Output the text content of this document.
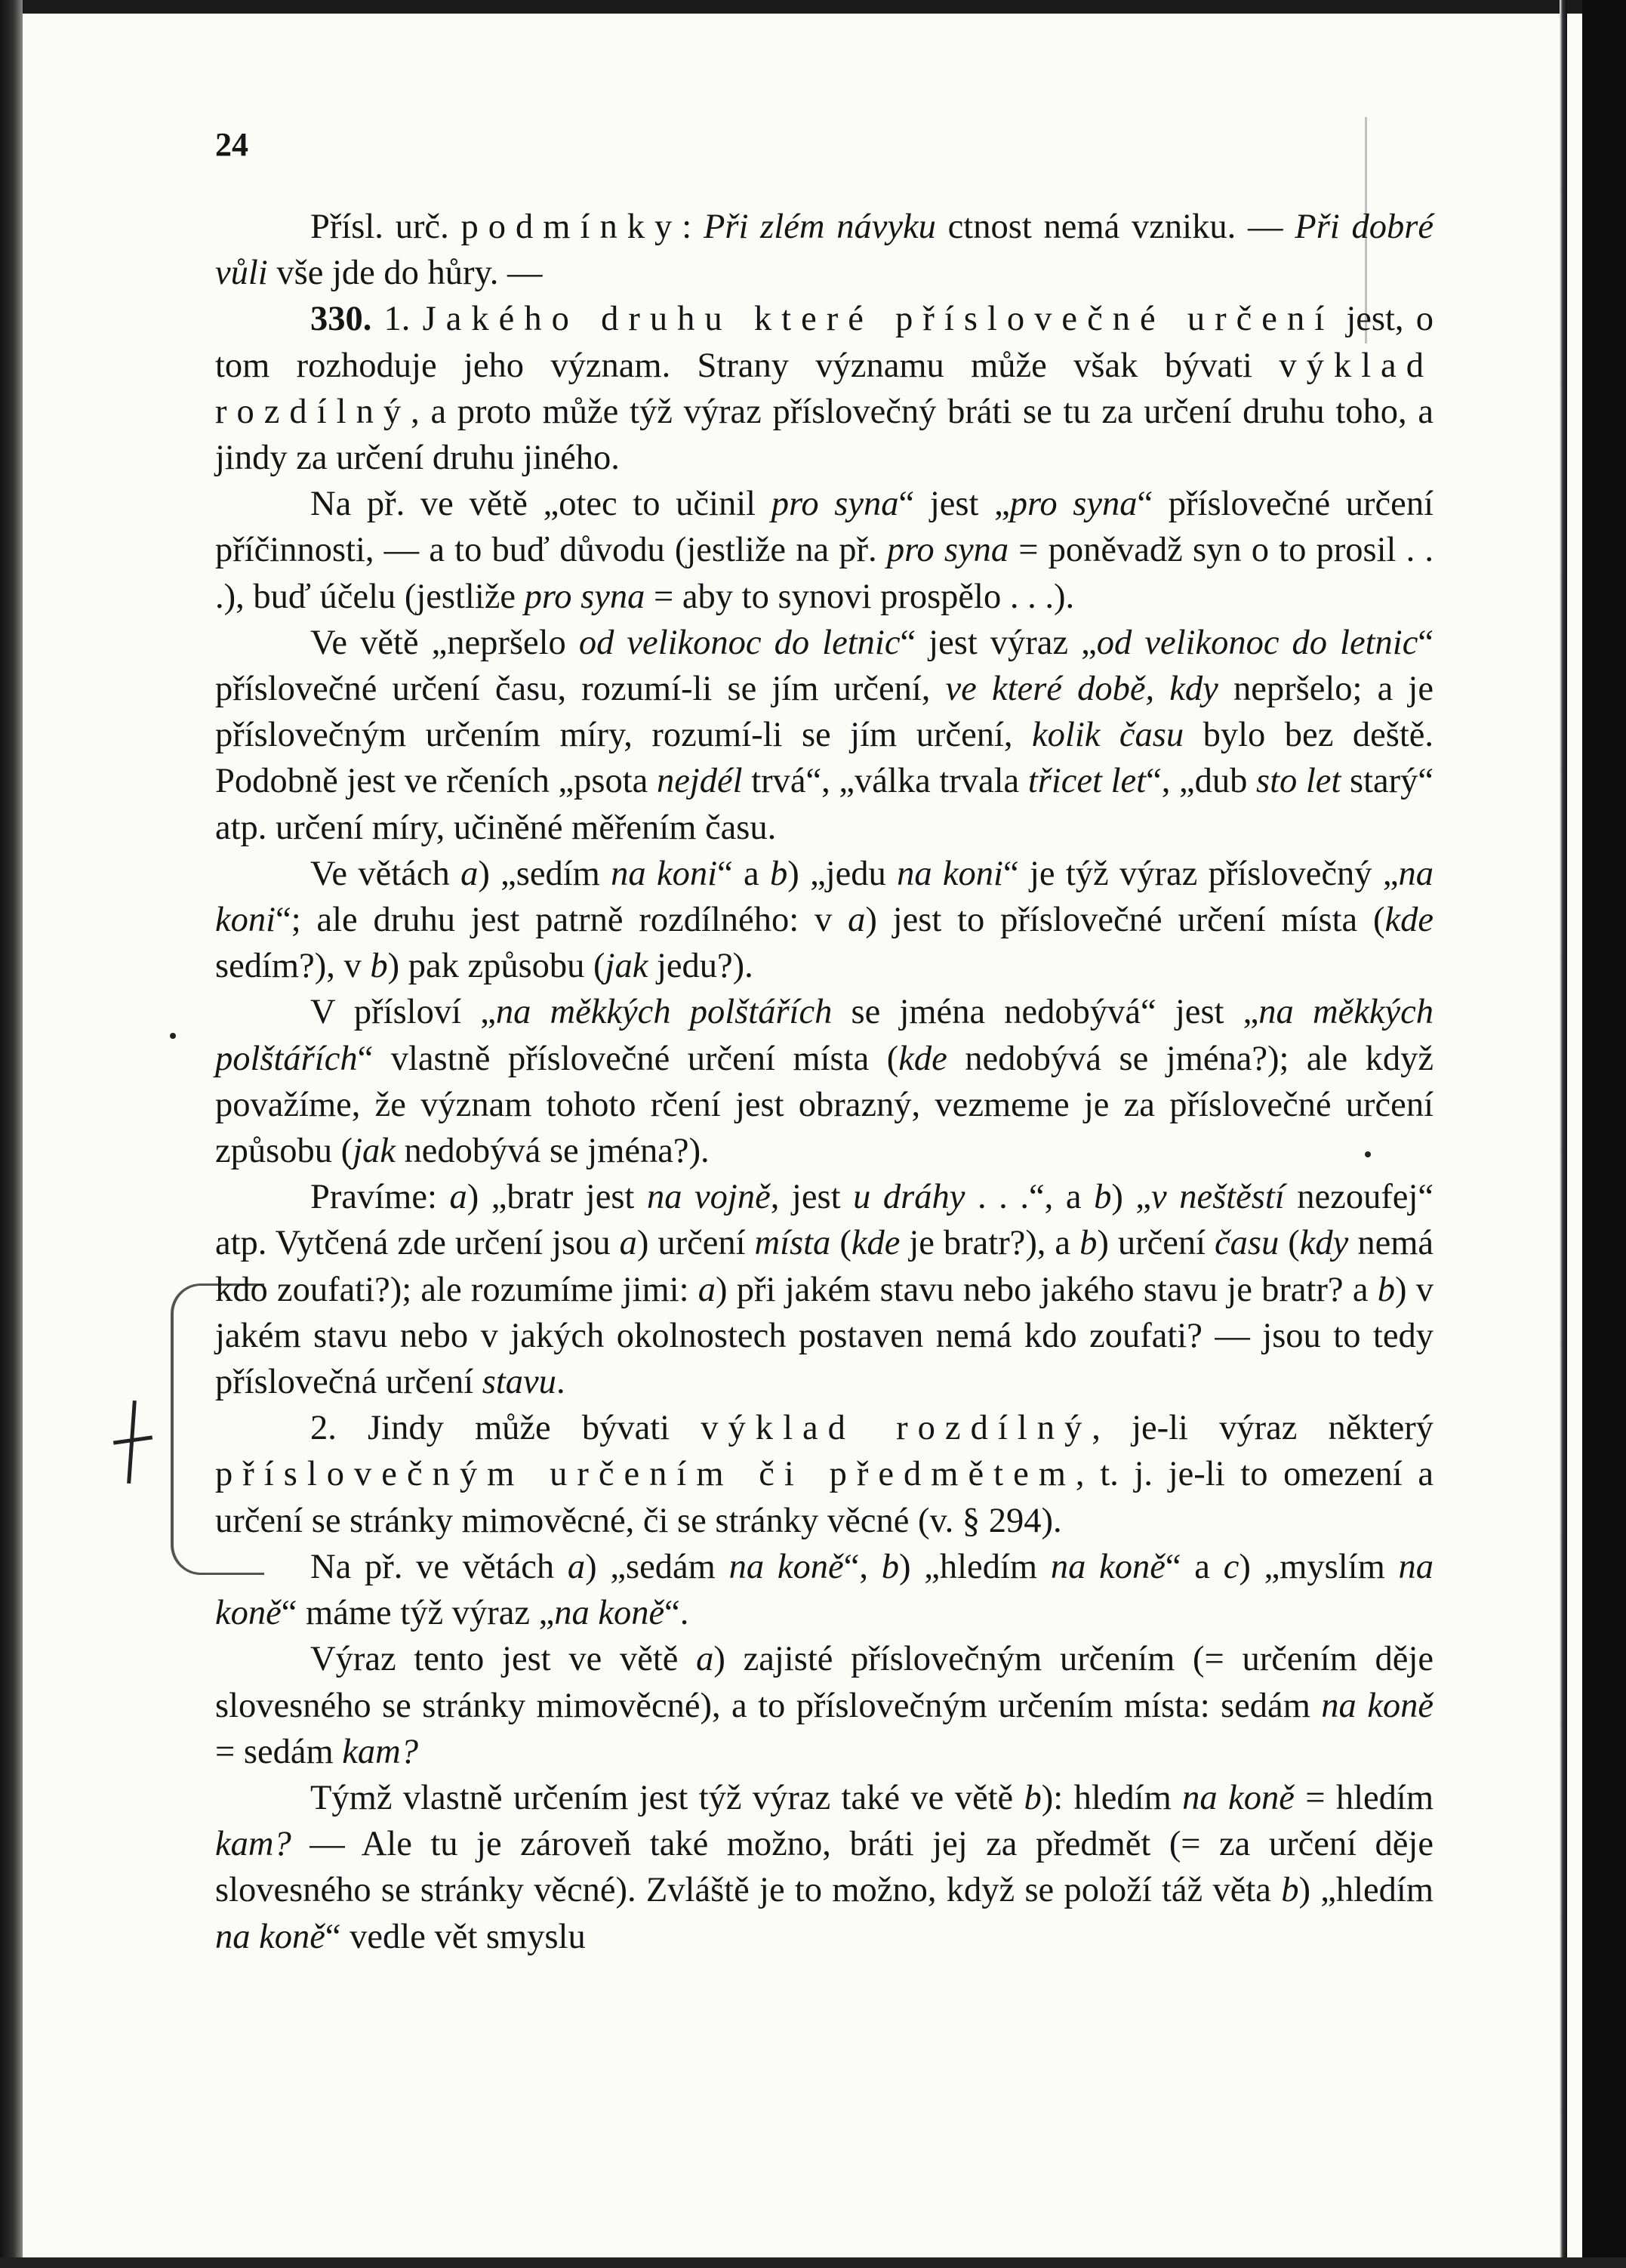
24

Přísl. urč. podmínky: Při zlém návyku ctnost nemá vzniku. — Při dobré vůli vše jde do hůry. —

330. 1. Jakého druhu které příslovečné určení jest, o tom rozhoduje jeho význam. Strany významu může však bývati výklad rozdílný, a proto může týž výraz příslovečný bráti se tu za určení druhu toho, a jindy za určení druhu jiného.

Na př. ve větě „otec to učinil pro syna“ jest „pro syna“ příslovečné určení příčinnosti, — a to buď důvodu (jestliže na př. pro syna = poněvadž syn o to prosil . . .), buď účelu (jestliže pro syna = aby to synovi prospělo . . .).

Ve větě „nepršelo od velikonoc do letnic“ jest výraz „od velikonoc do letnic“ příslovečné určení času, rozumí-li se jím určení, ve které době, kdy nepršelo; a je příslovečným určením míry, rozumí-li se jím určení, kolik času bylo bez deště. Podobně jest ve rčeních „psota nejdél trvá“, „válka trvala třicet let“, „dub sto let starý“ atp. určení míry, učiněné měřením času.

Ve větách a) „sedím na koni“ a b) „jedu na koni“ je týž výraz příslovečný „na koni“; ale druhu jest patrně rozdílného: v a) jest to příslovečné určení místa (kde sedím?), v b) pak způsobu (jak jedu?).

V přísloví „na měkkých polštářích se jména nedobývá“ jest „na měkkých polštářích“ vlastně příslovečné určení místa (kde nedobývá se jména?); ale když považíme, že význam tohoto rčení jest obrazný, vezmeme je za příslovečné určení způsobu (jak nedobývá se jména?).

Pravíme: a) „bratr jest na vojně, jest u dráhy . . .“, a b) „v neštěstí nezoufej“ atp. Vytčená zde určení jsou a) určení místa (kde je bratr?), a b) určení času (kdy nemá kdo zoufati?); ale rozumíme jimi: a) při jakém stavu nebo jakého stavu je bratr? a b) v jakém stavu nebo v jakých okolnostech postaven nemá kdo zoufati? — jsou to tedy příslovečná určení stavu.

2. Jindy může bývati výklad rozdílný, je-li výraz některý příslovečným určením či předmětem, t. j. je-li to omezení a určení se stránky mimověcné, či se stránky věcné (v. § 294).

Na př. ve větách a) „sedám na koně“, b) „hledím na koně“ a c) „myslím na koně“ máme týž výraz „na koně“.

Výraz tento jest ve větě a) zajisté příslovečným určením (= určením děje slovesného se stránky mimověcné), a to příslovečným určením místa: sedám na koně = sedám kam?

Týmž vlastně určením jest týž výraz také ve větě b): hledím na koně = hledím kam? — Ale tu je zároveň také možno, bráti jej za předmět (= za určení děje slovesného se stránky věcné). Zvláště je to možno, když se položí táž věta b) „hledím na koně“ vedle vět smyslu
